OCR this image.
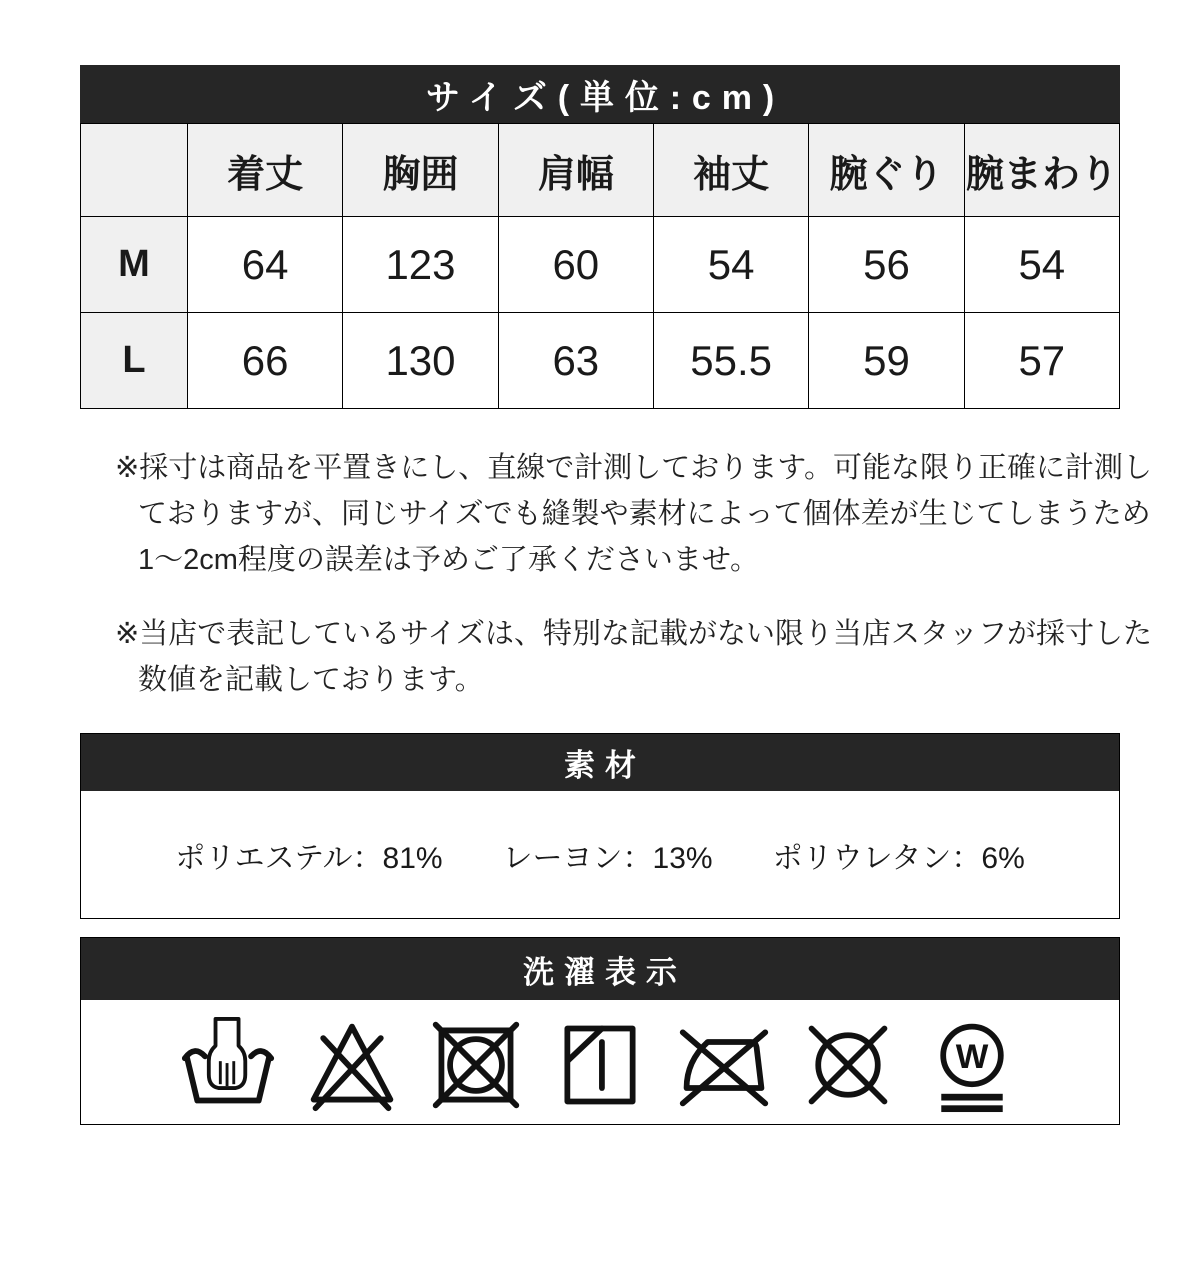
サイズ(単位:cm)
	着丈	胸囲	肩幅	袖丈	腕ぐり	腕まわり
M	64	123	60	54	56	54
L	66	130	63	55.5	59	57
※採寸は商品を平置きにし、直線で計測しております。可能な限り正確に計測し
ておりますが、同じサイズでも縫製や素材によって個体差が生じてしまうため
1〜2cm程度の誤差は予めご了承くださいませ。
※当店で表記しているサイズは、特別な記載がない限り当店スタッフが採寸した
数値を記載しております。
素材
ポリエステル：81%　　レーヨン：13%　　ポリウレタン：6%
洗濯表示
W
